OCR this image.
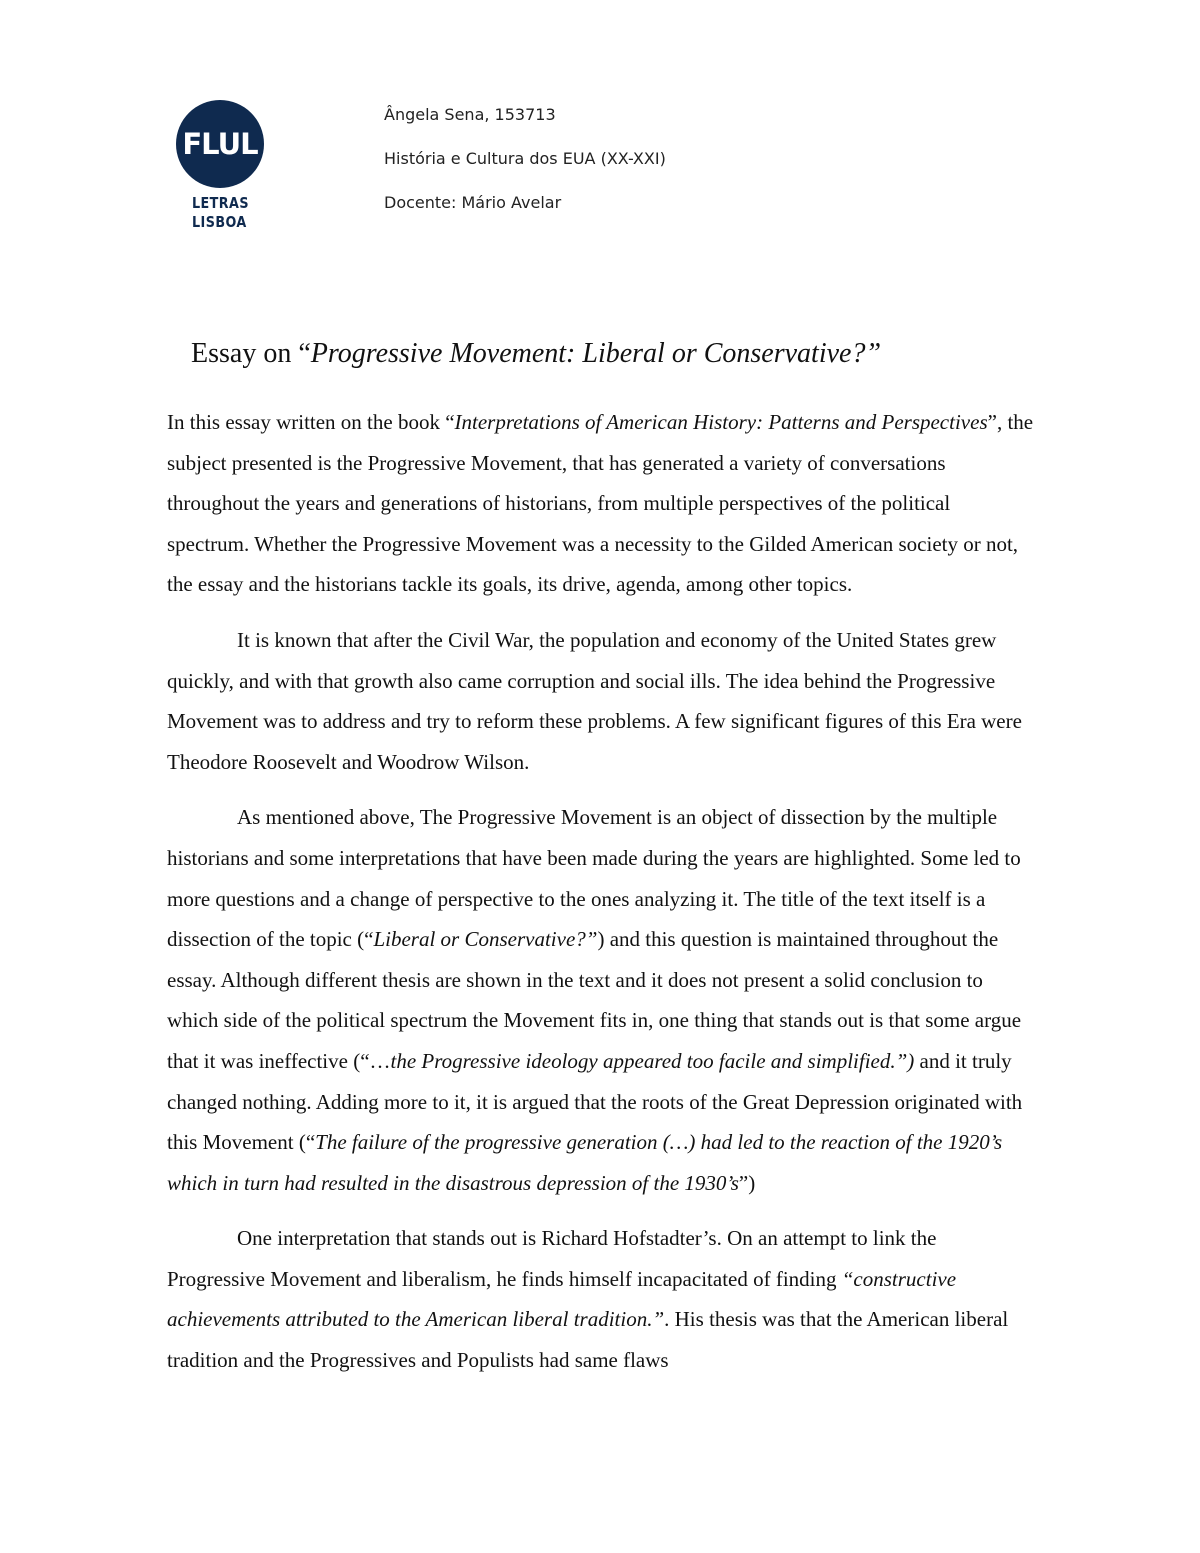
FLUL
LETRAS
LISBOA
Ângela Sena, 153713
História e Cultura dos EUA (XX-XXI)
Docente: Mário Avelar
Essay on “Progressive Movement: Liberal or Conservative?”

In this essay written on the book “Interpretations of American History: Patterns and Perspectives”, the subject presented is the Progressive Movement, that has generated a variety of conversations throughout the years and generations of historians, from multiple perspectives of the political spectrum. Whether the Progressive Movement was a necessity to the Gilded American society or not, the essay and the historians tackle its goals, its drive, agenda, among other topics.

It is known that after the Civil War, the population and economy of the United States grew quickly, and with that growth also came corruption and social ills. The idea behind the Progressive Movement was to address and try to reform these problems. A few significant figures of this Era were Theodore Roosevelt and Woodrow Wilson.

As mentioned above, The Progressive Movement is an object of dissection by the multiple historians and some interpretations that have been made during the years are highlighted. Some led to more questions and a change of perspective to the ones analyzing it. The title of the text itself is a dissection of the topic (“Liberal or Conservative?”) and this question is maintained throughout the essay. Although different thesis are shown in the text and it does not present a solid conclusion to which side of the political spectrum the Movement fits in, one thing that stands out is that some argue that it was ineffective (“…the Progressive ideology appeared too facile and simplified.”) and it truly changed nothing. Adding more to it, it is argued that the roots of the Great Depression originated with this Movement (“The failure of the progressive generation (…) had led to the reaction of the 1920’s which in turn had resulted in the disastrous depression of the 1930’s”)

One interpretation that stands out is Richard Hofstadter’s. On an attempt to link the Progressive Movement and liberalism, he finds himself incapacitated of finding “constructive achievements attributed to the American liberal tradition.”. His thesis was that the American liberal tradition and the Progressives and Populists had same flaws
